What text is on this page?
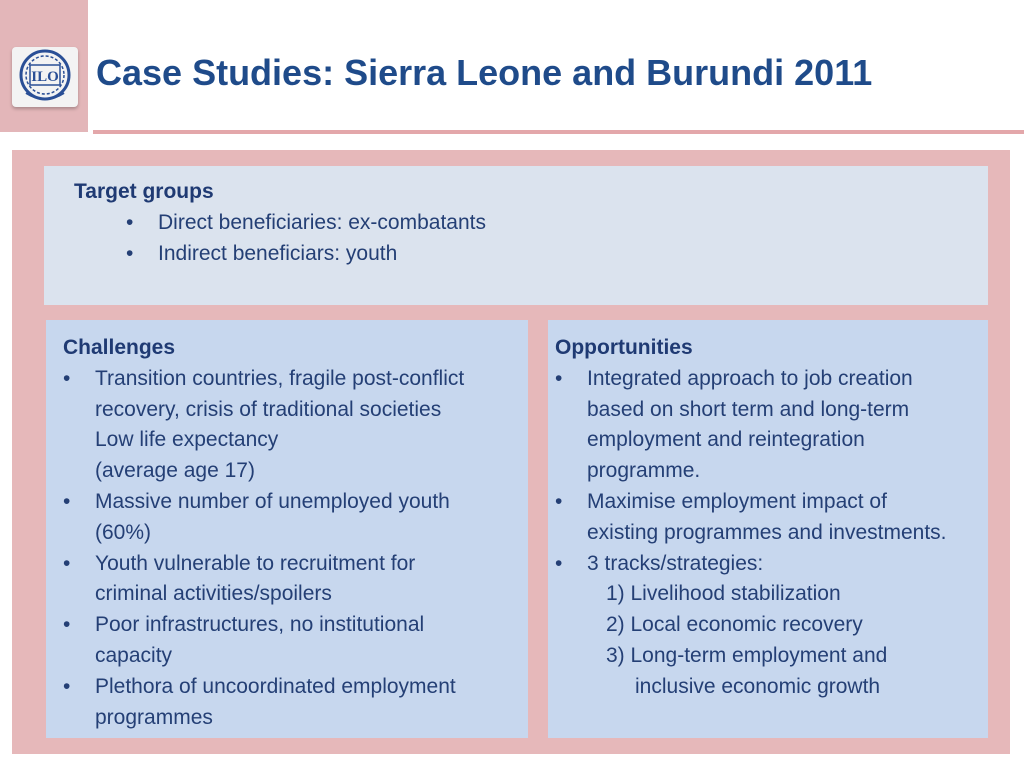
ILO Case Studies: Sierra Leone and Burundi 2011
Target groups
• Direct beneficiaries: ex-combatants
• Indirect beneficiars: youth
Challenges
• Transition countries, fragile post-conflict
recovery, crisis of traditional societies
Low life expectancy
(average age 17)
• Massive number of unemployed youth
(60%)
• Youth vulnerable to recruitment for
criminal activities/spoilers
• Poor infrastructures, no institutional
capacity
• Plethora of uncoordinated employment
programmes
Opportunities
• Integrated approach to job creation
based on short term and long-term
employment and reintegration
programme.
• Maximise employment impact of
existing programmes and investments.
• 3 tracks/strategies:
1) Livelihood stabilization
2) Local economic recovery
3) Long-term employment and
inclusive economic growth
